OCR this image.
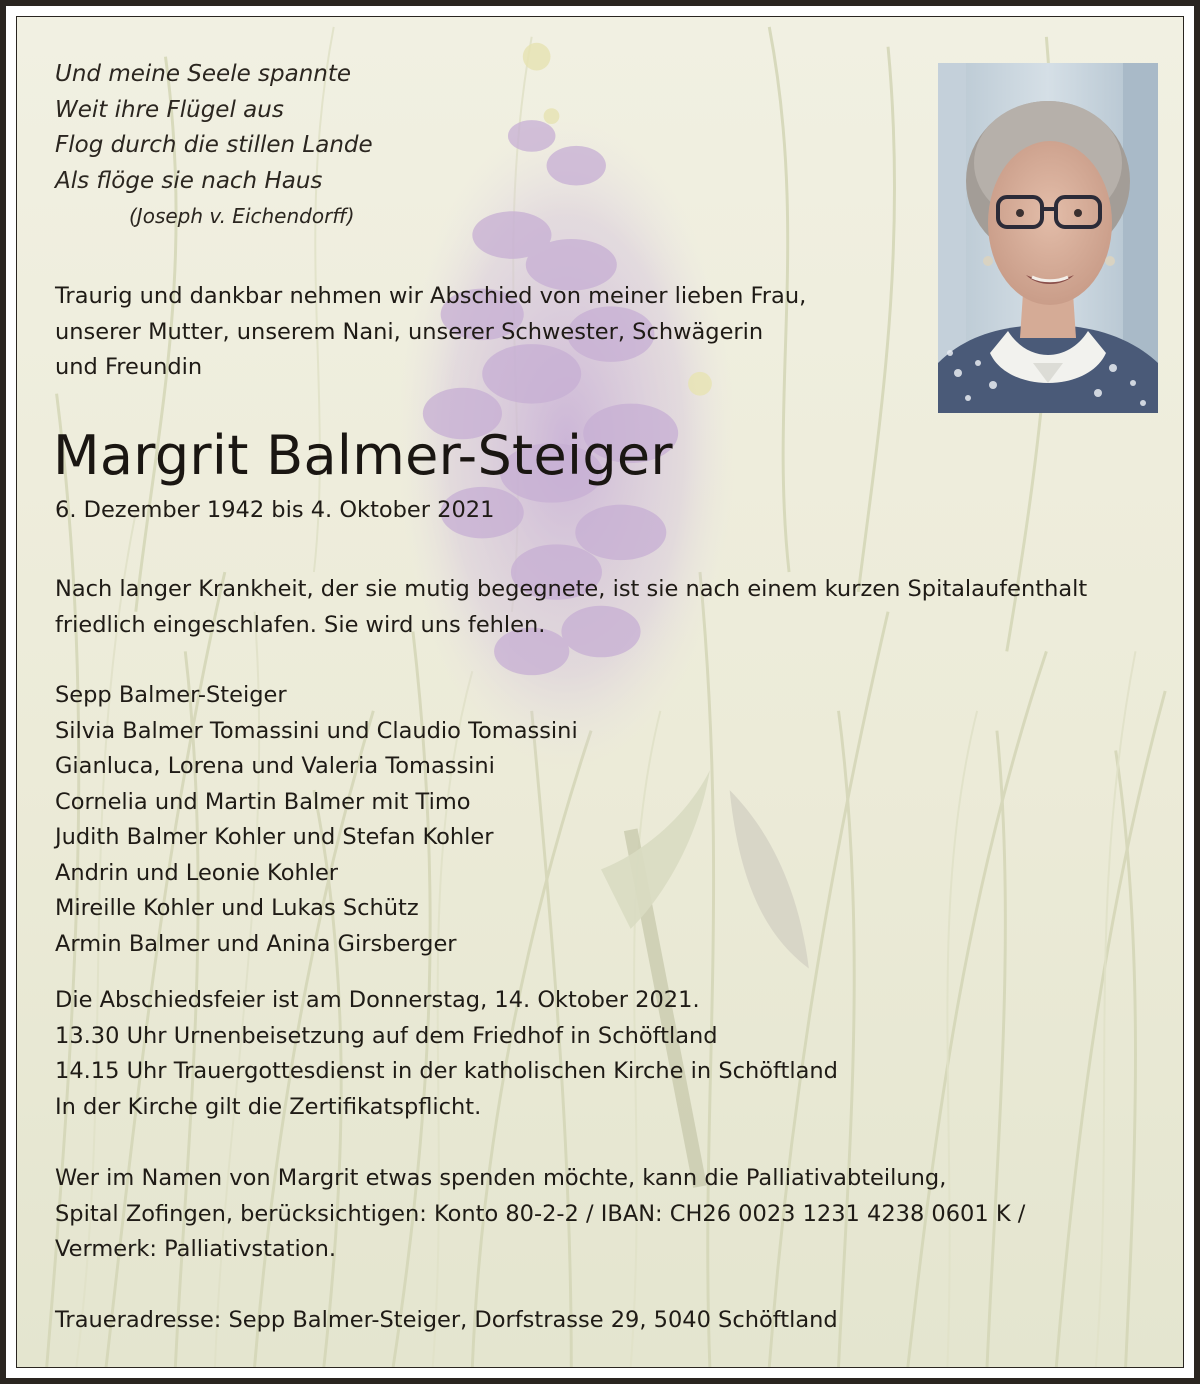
Und meine Seele spannte
Weit ihre Flügel aus
Flog durch die stillen Lande
Als flöge sie nach Haus
(Joseph v. Eichendorff)
Traurig und dankbar nehmen wir Abschied von meiner lieben Frau,
unserer Mutter, unserem Nani, unserer Schwester, Schwägerin
und Freundin
Margrit Balmer-Steiger
6. Dezember 1942 bis 4. Oktober 2021
Nach langer Krankheit, der sie mutig begegnete, ist sie nach einem kurzen Spitalaufenthalt
friedlich eingeschlafen. Sie wird uns fehlen.
Sepp Balmer-Steiger
Silvia Balmer Tomassini und Claudio Tomassini
Gianluca, Lorena und Valeria Tomassini
Cornelia und Martin Balmer mit Timo
Judith Balmer Kohler und Stefan Kohler
Andrin und Leonie Kohler
Mireille Kohler und Lukas Schütz
Armin Balmer und Anina Girsberger
Die Abschiedsfeier ist am Donnerstag, 14. Oktober 2021.
13.30 Uhr Urnenbeisetzung auf dem Friedhof in Schöftland
14.15 Uhr Trauergottesdienst in der katholischen Kirche in Schöftland
In der Kirche gilt die Zertifikatspflicht.
Wer im Namen von Margrit etwas spenden möchte, kann die Palliativabteilung,
Spital Zofingen, berücksichtigen: Konto 80-2-2 / IBAN: CH26 0023 1231 4238 0601 K /
Vermerk: Palliativstation.
Traueradresse: Sepp Balmer-Steiger, Dorfstrasse 29, 5040 Schöftland
